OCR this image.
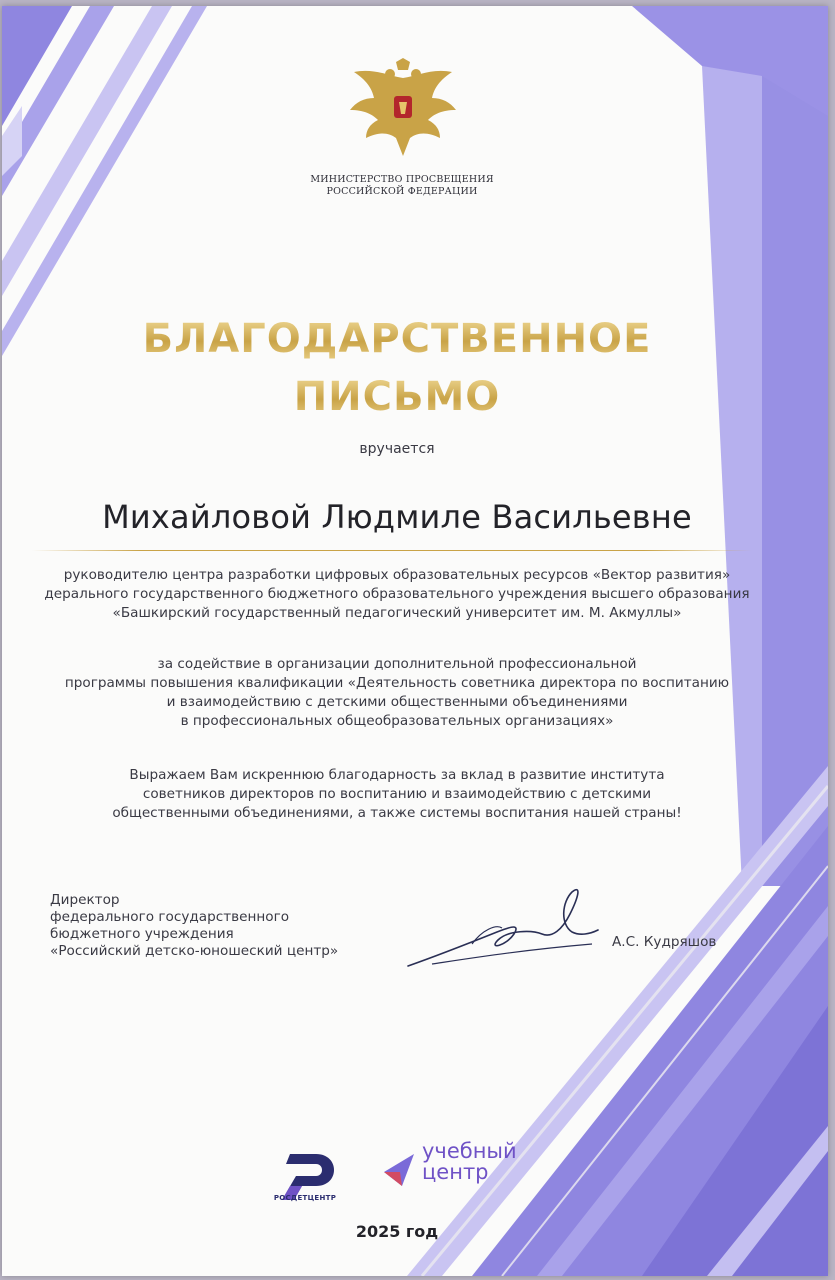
МИНИСТЕРСТВО ПРОСВЕЩЕНИЯ
РОССИЙСКОЙ ФЕДЕРАЦИИ
БЛАГОДАРСТВЕННОЕ
ПИСЬМО
вручается
Михайловой Людмиле Васильевне
руководителю центра разработки цифровых образовательных ресурсов «Вектор развития»
дерального государственного бюджетного образовательного учреждения высшего образования
«Башкирский государственный педагогический университет им. М. Акмуллы»
за содействие в организации дополнительной профессиональной
программы повышения квалификации «Деятельность советника директора по воспитанию
и взаимодействию с детскими общественными объединениями
в профессиональных общеобразовательных организациях»
Выражаем Вам искреннюю благодарность за вклад в развитие института
советников директоров по воспитанию и взаимодействию с детскими
общественными объединениями, а также системы воспитания нашей страны!
Директор
федерального государственного
бюджетного учреждения
«Российский детско-юношеский центр»
А.С. Кудряшов
РОСДЕТЦЕНТР
учебный
центр
2025 год
